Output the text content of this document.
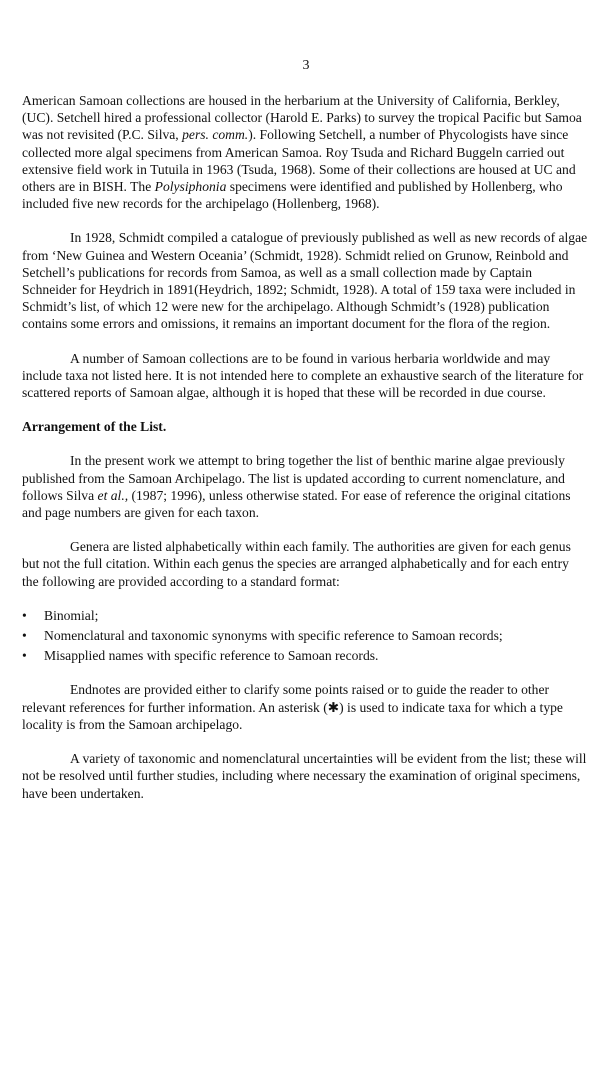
3

American Samoan collections are housed in the herbarium at the University of California, Berkley, (UC). Setchell hired a professional collector (Harold E. Parks) to survey the tropical Pacific but Samoa was not revisited (P.C. Silva, pers. comm.). Following Setchell, a number of Phycologists have since collected more algal specimens from American Samoa. Roy Tsuda and Richard Buggeln carried out extensive field work in Tutuila in 1963 (Tsuda, 1968). Some of their collections are housed at UC and others are in BISH. The Polysiphonia specimens were identified and published by Hollenberg, who included five new records for the archipelago (Hollenberg, 1968).

In 1928, Schmidt compiled a catalogue of previously published as well as new records of algae from ‘New Guinea and Western Oceania’ (Schmidt, 1928). Schmidt relied on Grunow, Reinbold and Setchell’s publications for records from Samoa, as well as a small collection made by Captain Schneider for Heydrich in 1891(Heydrich, 1892; Schmidt, 1928). A total of 159 taxa were included in Schmidt’s list, of which 12 were new for the archipelago. Although Schmidt’s (1928) publication contains some errors and omissions, it remains an important document for the flora of the region.

A number of Samoan collections are to be found in various herbaria worldwide and may include taxa not listed here. It is not intended here to complete an exhaustive search of the literature for scattered reports of Samoan algae, although it is hoped that these will be recorded in due course.

Arrangement of the List.

In the present work we attempt to bring together the list of benthic marine algae previously published from the Samoan Archipelago. The list is updated according to current nomenclature, and follows Silva et al., (1987; 1996), unless otherwise stated. For ease of reference the original citations and page numbers are given for each taxon.

Genera are listed alphabetically within each family. The authorities are given for each genus but not the full citation. Within each genus the species are arranged alphabetically and for each entry the following are provided according to a standard format:

• Binomial;
• Nomenclatural and taxonomic synonyms with specific reference to Samoan records;
• Misapplied names with specific reference to Samoan records.

Endnotes are provided either to clarify some points raised or to guide the reader to other relevant references for further information. An asterisk (✱) is used to indicate taxa for which a type locality is from the Samoan archipelago.

A variety of taxonomic and nomenclatural uncertainties will be evident from the list; these will not be resolved until further studies, including where necessary the examination of original specimens, have been undertaken.
